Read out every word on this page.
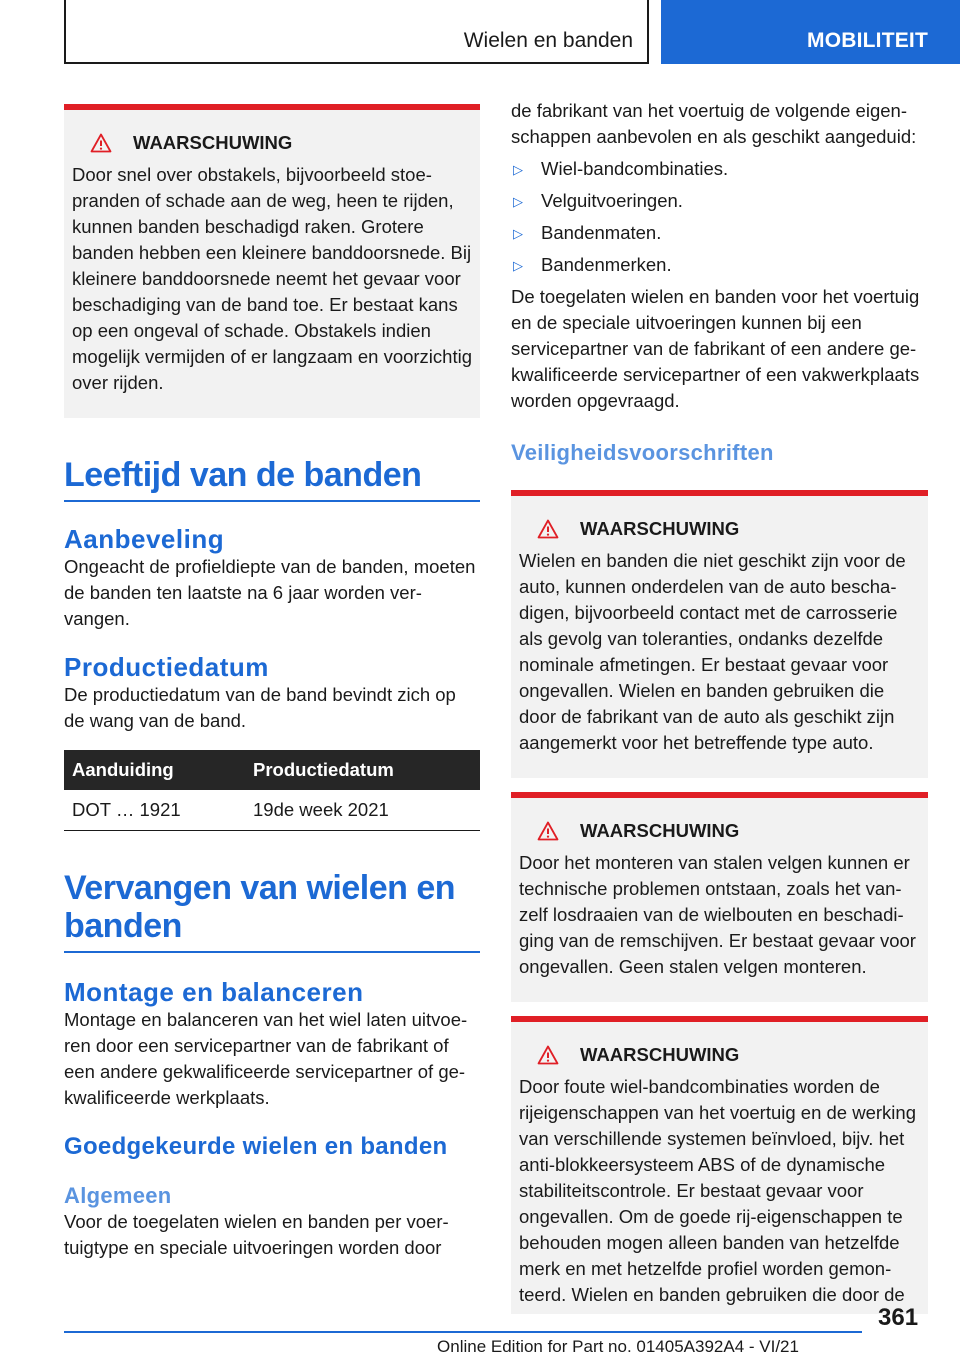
Wielen en banden	MOBILITEIT
WAARSCHUWING

Door snel over obstakels, bijvoorbeeld stoepranden of schade aan de weg, heen te rijden, kunnen banden beschadigd raken. Grotere banden hebben een kleinere banddoorsnede. Bij kleinere banddoorsnede neemt het gevaar voor beschadiging van de band toe. Er bestaat kans op een ongeval of schade. Obstakels indien mogelijk vermijden of er langzaam en voorzichtig over rijden.

Leeftijd van de banden
Aanbeveling

Ongeacht de profieldiepte van de banden, moeten de banden ten laatste na 6 jaar worden vervangen.

Productiedatum

De productiedatum van de band bevindt zich op de wang van de band.

Aanduiding	Productiedatum
DOT … 1921	19de week 2021
Vervangen van wielen en banden
Montage en balanceren

Montage en balanceren van het wiel laten uitvoeren door een servicepartner van de fabrikant of een andere gekwalificeerde servicepartner of gekwalificeerde werkplaats.

Goedgekeurde wielen en banden
Algemeen

Voor de toegelaten wielen en banden per voertuigtype en speciale uitvoeringen worden door

de fabrikant van het voertuig de volgende eigenschappen aanbevolen en als geschikt aangeduid:

▷ Wiel-bandcombinaties.
▷ Velguitvoeringen.
▷ Bandenmaten.
▷ Bandenmerken.

De toegelaten wielen en banden voor het voertuig en de speciale uitvoeringen kunnen bij een servicepartner van de fabrikant of een andere gekwalificeerde servicepartner of een vakwerkplaats worden opgevraagd.

Veiligheidsvoorschriften
WAARSCHUWING

Wielen en banden die niet geschikt zijn voor de auto, kunnen onderdelen van de auto beschadigen, bijvoorbeeld contact met de carrosserie als gevolg van toleranties, ondanks dezelfde nominale afmetingen. Er bestaat gevaar voor ongevallen. Wielen en banden gebruiken die door de fabrikant van de auto als geschikt zijn aangemerkt voor het betreffende type auto.

WAARSCHUWING

Door het monteren van stalen velgen kunnen er technische problemen ontstaan, zoals het vanzelf losdraaien van de wielbouten en beschadiging van de remschijven. Er bestaat gevaar voor ongevallen. Geen stalen velgen monteren.

WAARSCHUWING

Door foute wiel-bandcombinaties worden de rijeigenschappen van het voertuig en de werking van verschillende systemen beïnvloed, bijv. het anti-blokkeersysteem ABS of de dynamische stabiliteitscontrole. Er bestaat gevaar voor ongevallen. Om de goede rij-eigenschappen te behouden mogen alleen banden van hetzelfde merk en met hetzelfde profiel worden gemonteerd. Wielen en banden gebruiken die door de

361
Online Edition for Part no. 01405A392A4 - VI/21
